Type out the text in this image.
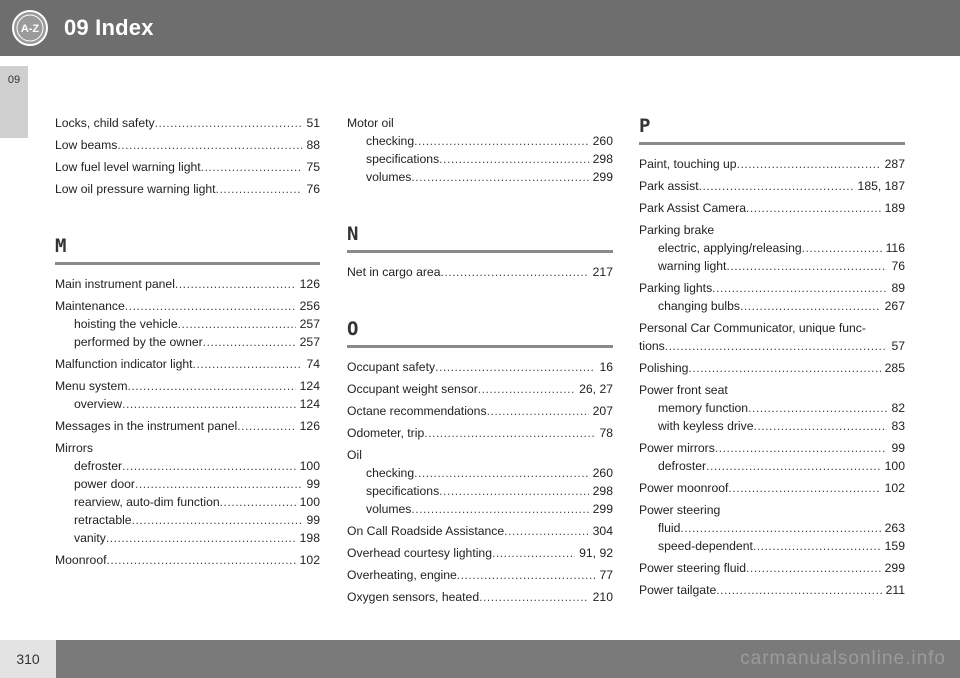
A-Z 09 Index
09
Locks, child safety .....	51
Low beams .....	88
Low fuel level warning light .....	75
Low oil pressure warning light .....	76
M
Main instrument panel .....	126
Maintenance .....	256
hoisting the vehicle .....	257
performed by the owner .....	257
Malfunction indicator light .....	74
Menu system .....	124
overview .....	124
Messages in the instrument panel .....	126
Mirrors
defroster .....	100
power door .....	99
rearview, auto-dim function .....	100
retractable .....	99
vanity .....	198
Moonroof .....	102
Motor oil
checking .....	260
specifications .....	298
volumes .....	299
N
Net in cargo area .....	217
O
Occupant safety .....	16
Occupant weight sensor .....	26, 27
Octane recommendations .....	207
Odometer, trip .....	78
Oil
checking .....	260
specifications .....	298
volumes .....	299
On Call Roadside Assistance .....	304
Overhead courtesy lighting .....	91, 92
Overheating, engine .....	77
Oxygen sensors, heated .....	210
P
Paint, touching up .....	287
Park assist .....	185, 187
Park Assist Camera .....	189
Parking brake
electric, applying/releasing .....	116
warning light .....	76
Parking lights .....	89
changing bulbs .....	267
Personal Car Communicator, unique func-
tions .....	57
Polishing .....	285
Power front seat
memory function .....	82
with keyless drive .....	83
Power mirrors .....	99
defroster .....	100
Power moonroof .....	102
Power steering
fluid .....	263
speed-dependent .....	159
Power steering fluid .....	299
Power tailgate .....	211
310	carmanualsonline.info
